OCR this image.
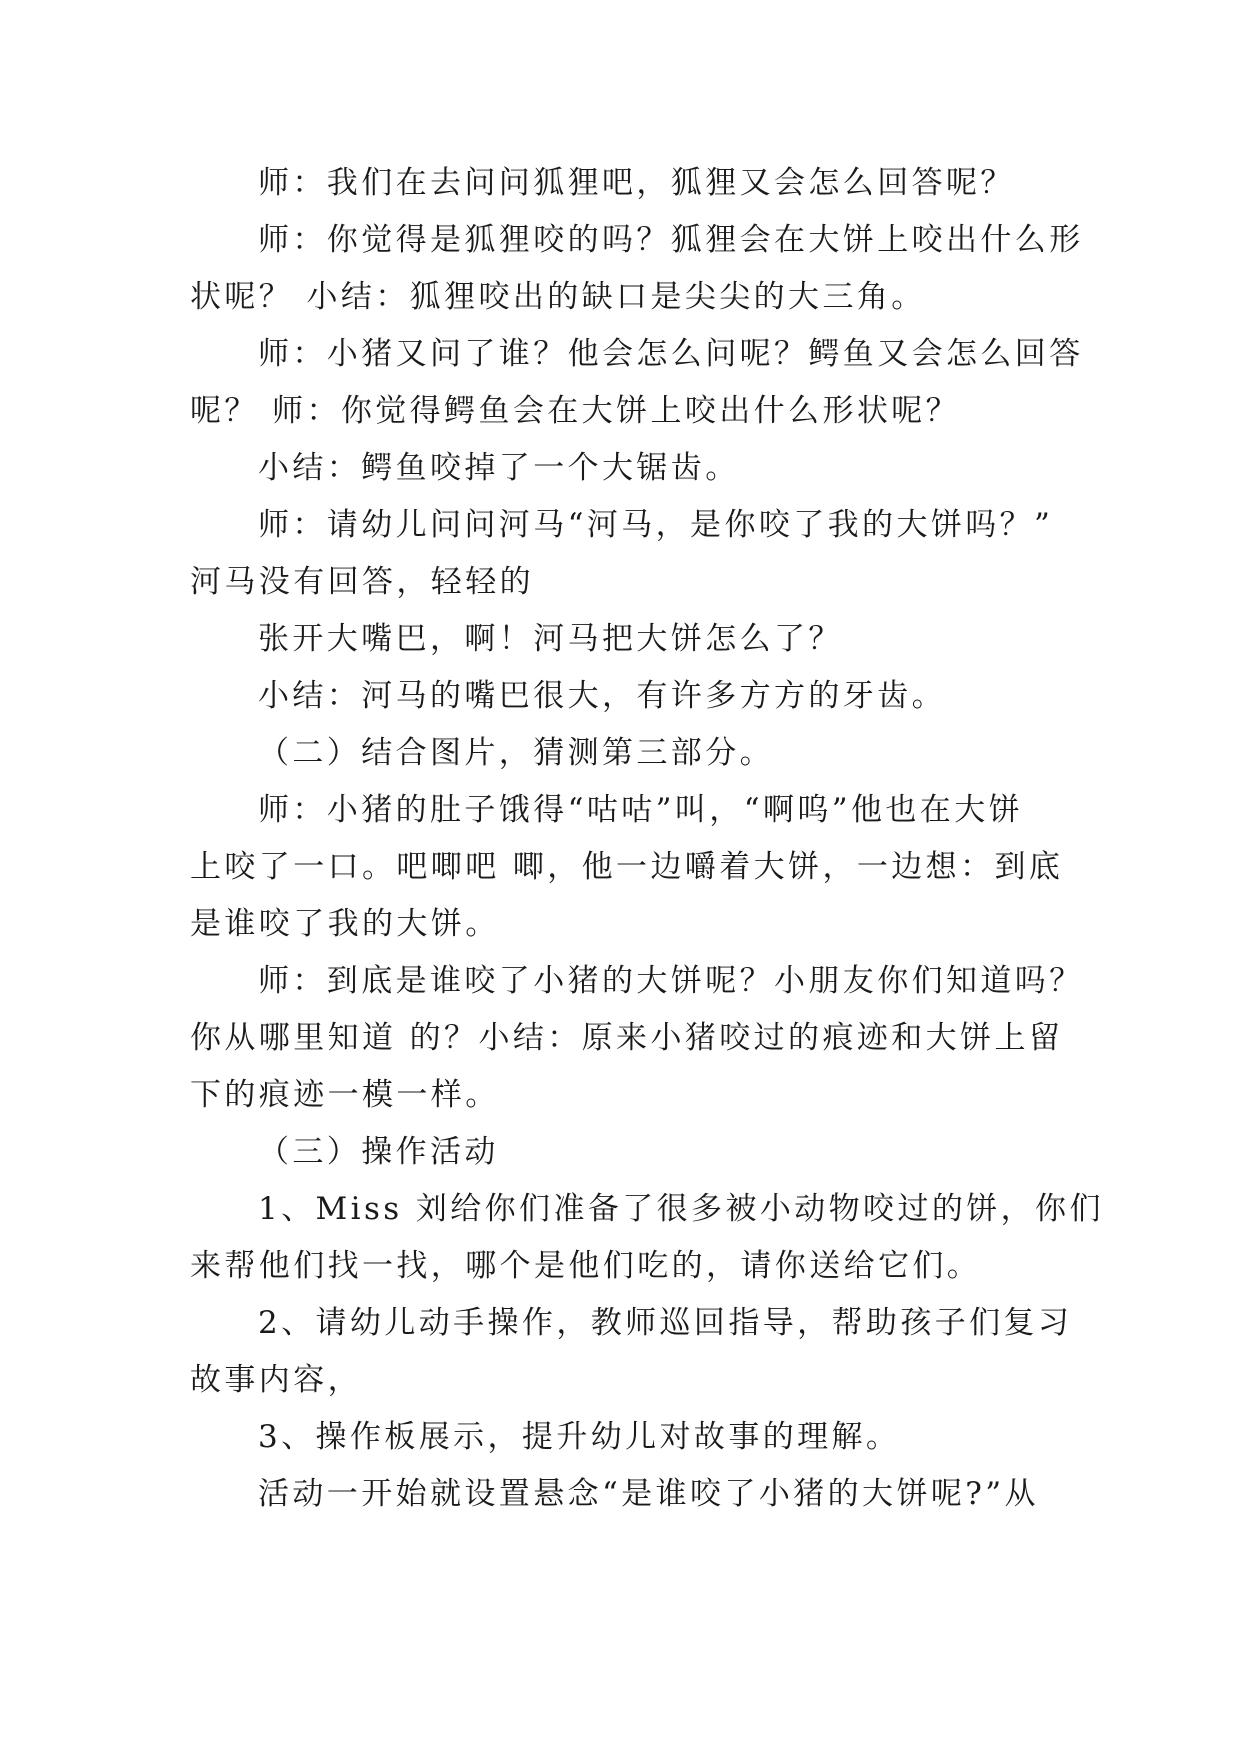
师：我们在去问问狐狸吧，狐狸又会怎么回答呢？

师：你觉得是狐狸咬的吗？狐狸会在大饼上咬出什么形

状呢？ 小结：狐狸咬出的缺口是尖尖的大三角。

师：小猪又问了谁？他会怎么问呢？鳄鱼又会怎么回答

呢？ 师：你觉得鳄鱼会在大饼上咬出什么形状呢？

小结：鳄鱼咬掉了一个大锯齿。

师：请幼儿问问河马“河马，是你咬了我的大饼吗？”

河马没有回答，轻轻的

张开大嘴巴，啊！河马把大饼怎么了？

小结：河马的嘴巴很大，有许多方方的牙齿。

（二）结合图片，猜测第三部分。

师：小猪的肚子饿得“咕咕”叫，“啊呜”他也在大饼

上咬了一口。吧唧吧 唧，他一边嚼着大饼，一边想：到底

是谁咬了我的大饼。

师：到底是谁咬了小猪的大饼呢？小朋友你们知道吗？

你从哪里知道 的？小结：原来小猪咬过的痕迹和大饼上留

下的痕迹一模一样。

（三）操作活动

1、Miss 刘给你们准备了很多被小动物咬过的饼，你们

来帮他们找一找，哪个是他们吃的，请你送给它们。

2、请幼儿动手操作，教师巡回指导，帮助孩子们复习

故事内容，

3、操作板展示，提升幼儿对故事的理解。

活动一开始就设置悬念“是谁咬了小猪的大饼呢?”从
